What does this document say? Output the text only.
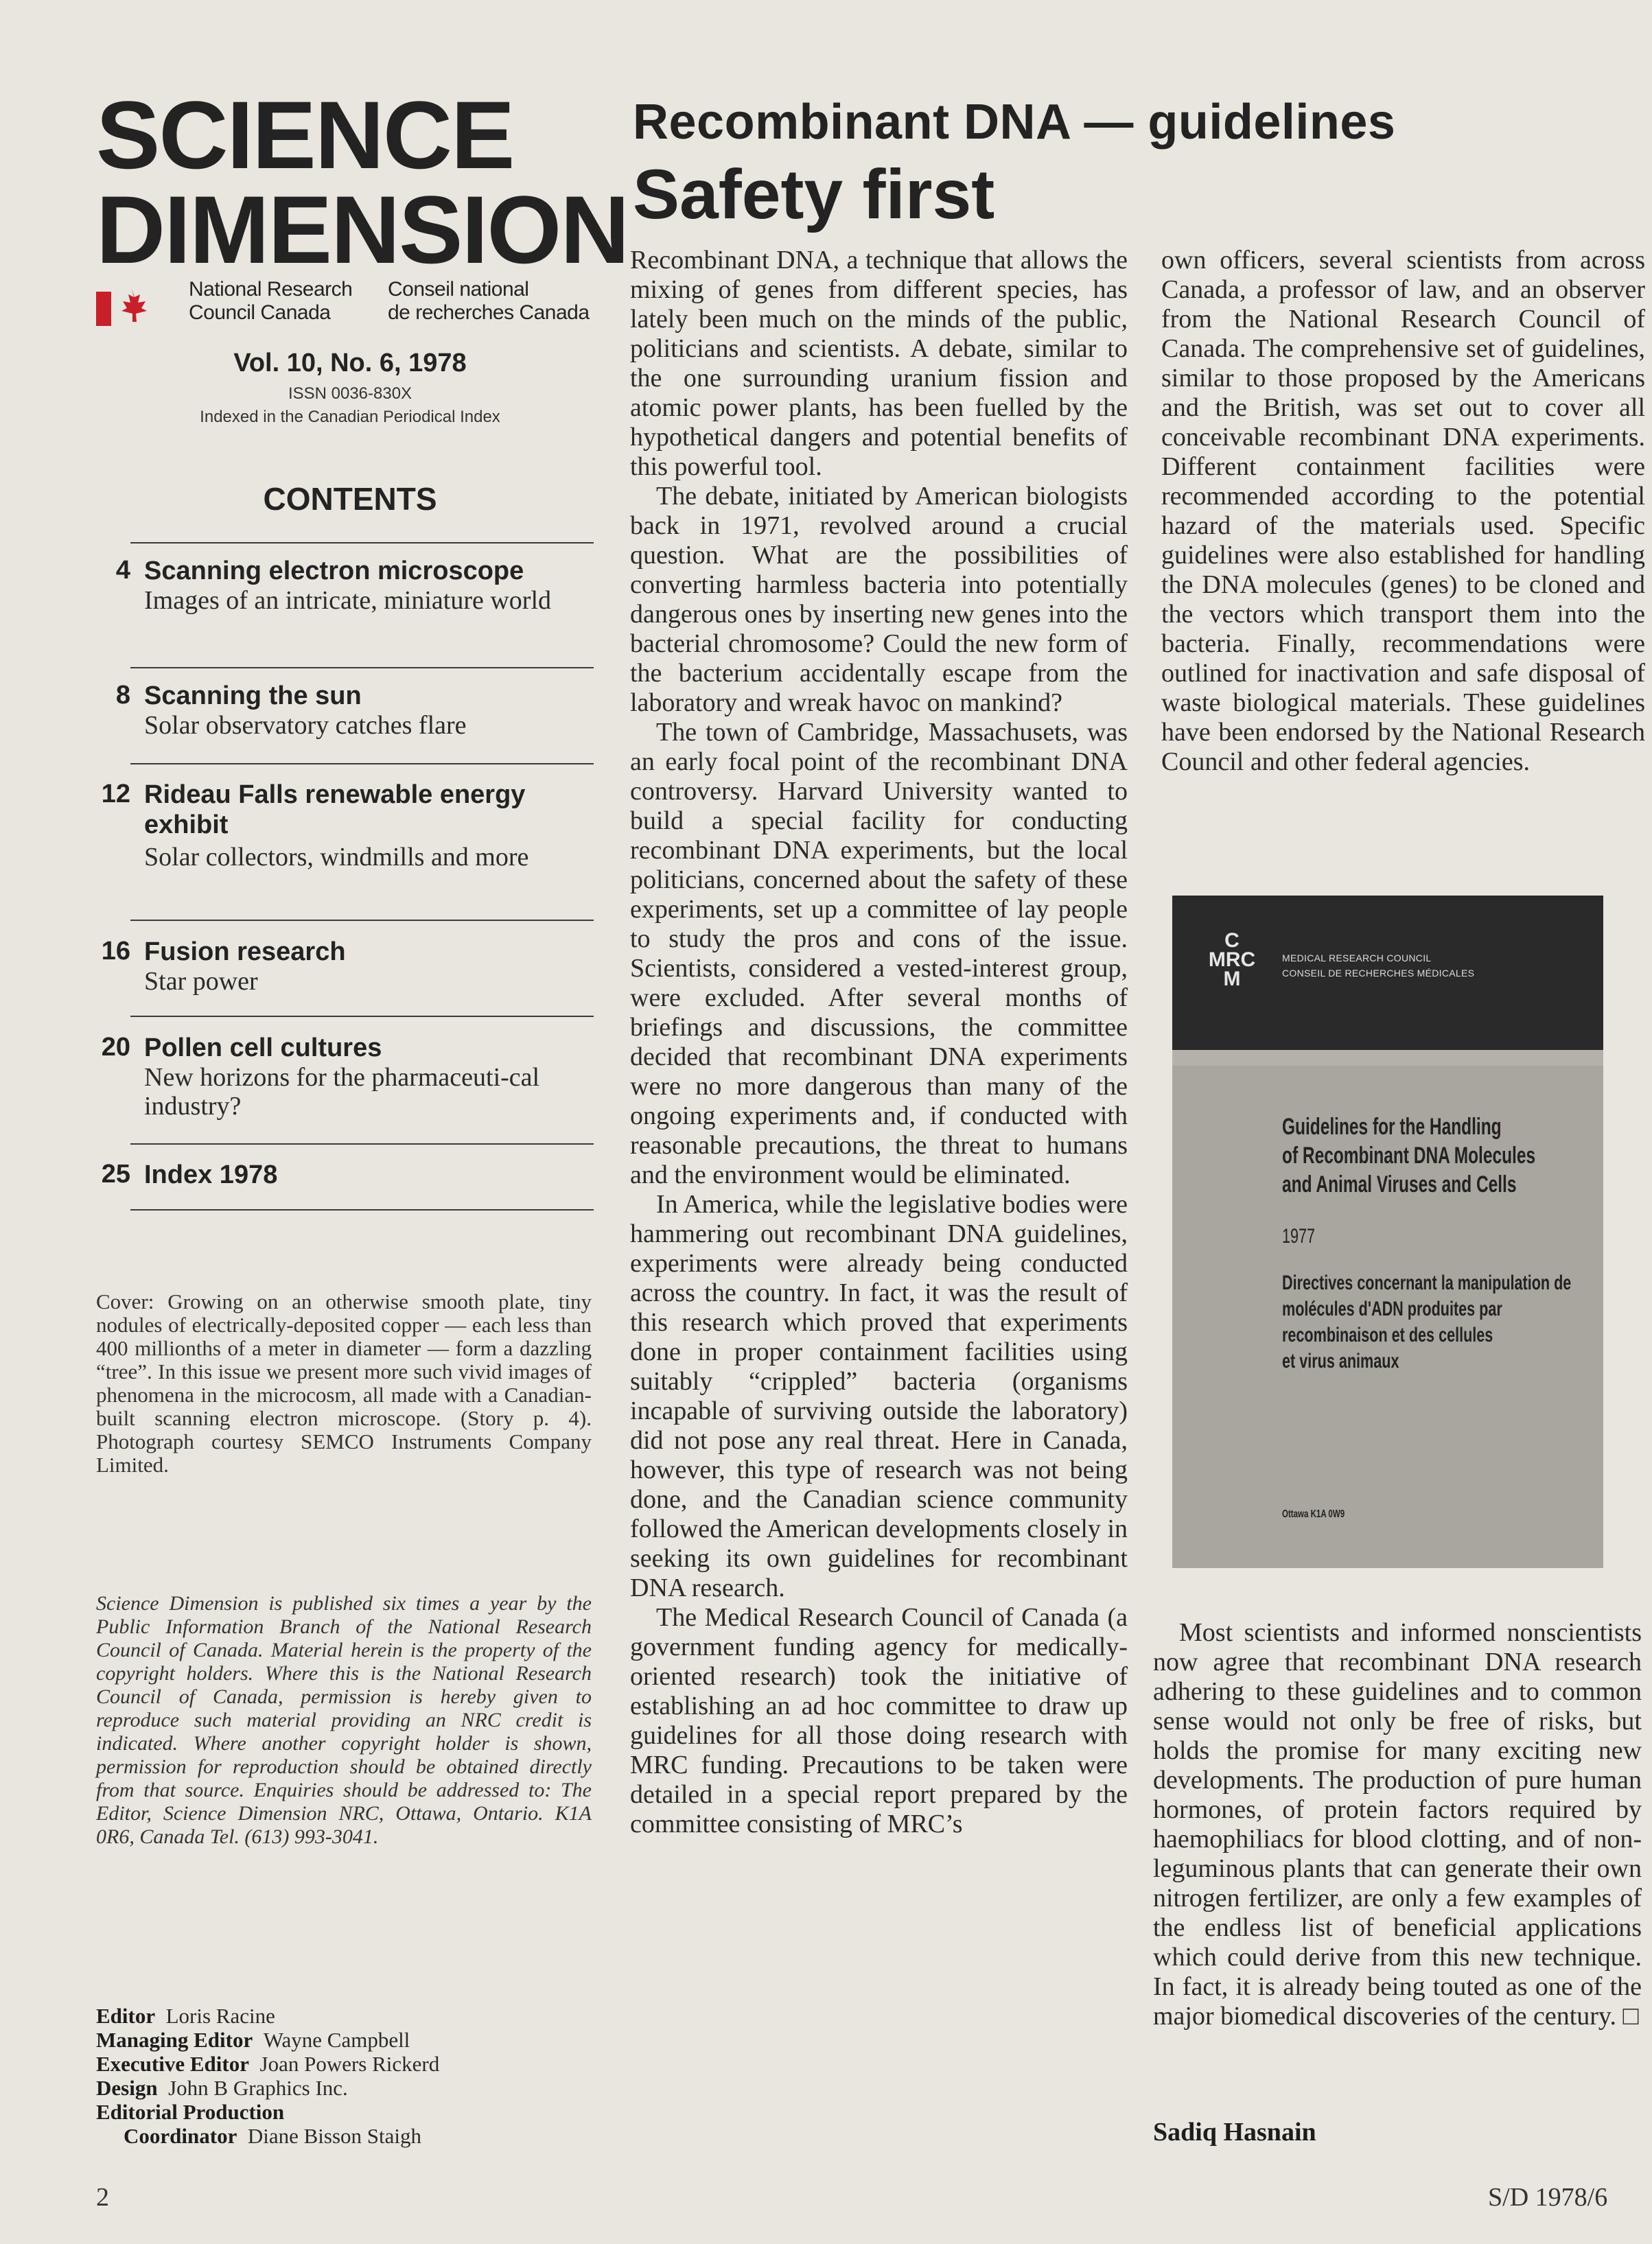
SCIENCE
DIMENSION
National Research
Council Canada
Conseil national
de recherches Canada
Vol. 10, No. 6, 1978
ISSN 0036-830X
Indexed in the Canadian Periodical Index
CONTENTS
4 Scanning electron microscope
Images of an intricate, miniature world
8 Scanning the sun
Solar observatory catches flare
12 Rideau Falls renewable energy exhibit
Solar collectors, windmills and more
16 Fusion research
Star power
20 Pollen cell cultures
New horizons for the pharmaceuti-cal industry?
25 Index 1978
Cover: Growing on an otherwise smooth plate, tiny nodules of electrically-deposited copper — each less than 400 millionths of a meter in diameter — form a dazzling “tree”. In this issue we present more such vivid images of phenomena in the microcosm, all made with a Canadian-built scanning electron microscope. (Story p. 4). Photograph courtesy SEMCO Instruments Company Limited.
Science Dimension is published six times a year by the Public Information Branch of the National Research Council of Canada. Material herein is the property of the copyright holders. Where this is the National Research Council of Canada, permission is hereby given to reproduce such material providing an NRC credit is indicated. Where another copyright holder is shown, permission for reproduction should be obtained directly from that source. Enquiries should be addressed to: The Editor, Science Dimension NRC, Ottawa, Ontario. K1A 0R6, Canada Tel. (613) 993-3041.
Editor Loris Racine
Managing Editor Wayne Campbell
Executive Editor Joan Powers Rickerd
Design John B Graphics Inc.
Editorial Production
Coordinator Diane Bisson Staigh
2	S/D 1978/6
Recombinant DNA — guidelines
Safety first

Recombinant DNA, a technique that allows the mixing of genes from different species, has lately been much on the minds of the public, politicians and scientists. A debate, similar to the one surrounding uranium fission and atomic power plants, has been fuelled by the hypothetical dangers and potential benefits of this powerful tool.

The debate, initiated by American biologists back in 1971, revolved around a crucial question. What are the possibilities of converting harmless bacteria into potentially dangerous ones by inserting new genes into the bacterial chromosome? Could the new form of the bacterium accidentally escape from the laboratory and wreak havoc on mankind?

The town of Cambridge, Massachusets, was an early focal point of the recombinant DNA controversy. Harvard University wanted to build a special facility for conducting recombinant DNA experiments, but the local politicians, concerned about the safety of these experiments, set up a committee of lay people to study the pros and cons of the issue. Scientists, considered a vested-interest group, were excluded. After several months of briefings and discussions, the committee decided that recombinant DNA experiments were no more dangerous than many of the ongoing experiments and, if conducted with reasonable precautions, the threat to humans and the environment would be eliminated.

In America, while the legislative bodies were hammering out recombinant DNA guidelines, experiments were already being conducted across the country. In fact, it was the result of this research which proved that experiments done in proper containment facilities using suitably “crippled” bacteria (organisms incapable of surviving outside the laboratory) did not pose any real threat. Here in Canada, however, this type of research was not being done, and the Canadian science community followed the American developments closely in seeking its own guidelines for recombinant DNA research.

The Medical Research Council of Canada (a government funding agency for medically-oriented research) took the initiative of establishing an ad hoc committee to draw up guidelines for all those doing research with MRC funding. Precautions to be taken were detailed in a special report prepared by the committee consisting of MRC’s

own officers, several scientists from across Canada, a professor of law, and an observer from the National Research Council of Canada. The comprehensive set of guidelines, similar to those proposed by the Americans and the British, was set out to cover all conceivable recombinant DNA experiments. Different containment facilities were recommended according to the potential hazard of the materials used. Specific guidelines were also established for handling the DNA molecules (genes) to be cloned and the vectors which transport them into the bacteria. Finally, recommendations were outlined for inactivation and safe disposal of waste biological materials. These guidelines have been endorsed by the National Research Council and other federal agencies.

C
MRC
M
MEDICAL RESEARCH COUNCIL
CONSEIL DE RECHERCHES MÉDICALES
Guidelines for the Handling
of Recombinant DNA Molecules
and Animal Viruses and Cells
1977
Directives concernant la manipulation de
molécules d'ADN produites par
recombinaison et des cellules
et virus animaux
Ottawa K1A 0W9

Most scientists and informed nonscientists now agree that recombinant DNA research adhering to these guidelines and to common sense would not only be free of risks, but holds the promise for many exciting new developments. The production of pure human hormones, of protein factors required by haemophiliacs for blood clotting, and of non-leguminous plants that can generate their own nitrogen fertilizer, are only a few examples of the endless list of beneficial applications which could derive from this new technique. In fact, it is already being touted as one of the major biomedical discoveries of the century. □

Sadiq Hasnain
